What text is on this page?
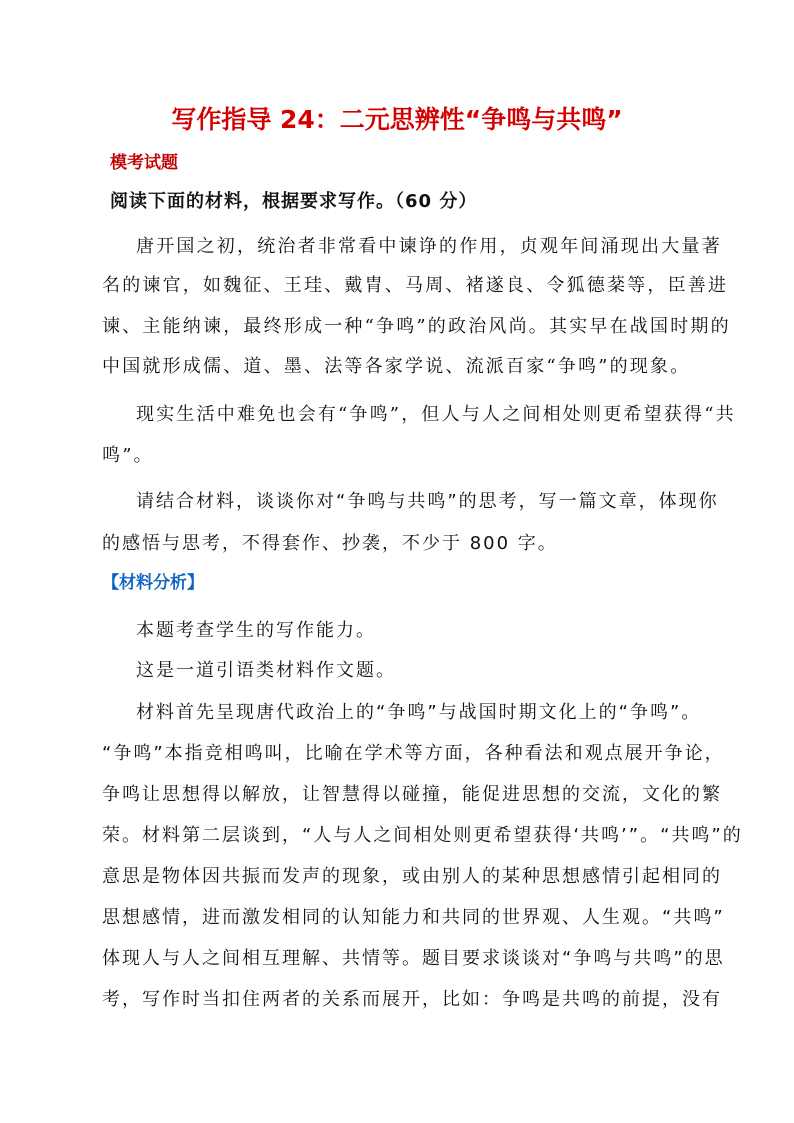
写作指导 24：二元思辨性“争鸣与共鸣”
模考试题
阅读下面的材料，根据要求写作。（60 分）
唐开国之初，统治者非常看中谏诤的作用，贞观年间涌现出大量著
名的谏官，如魏征、王珪、戴胄、马周、褚遂良、令狐德棻等，臣善进
谏、主能纳谏，最终形成一种“争鸣”的政治风尚。其实早在战国时期的
中国就形成儒、道、墨、法等各家学说、流派百家“争鸣”的现象。
现实生活中难免也会有“争鸣”，但人与人之间相处则更希望获得“共
鸣”。
请结合材料，谈谈你对“争鸣与共鸣”的思考，写一篇文章，体现你
的感悟与思考，不得套作、抄袭，不少于 800 字。
【材料分析】
本题考查学生的写作能力。
这是一道引语类材料作文题。
材料首先呈现唐代政治上的“争鸣”与战国时期文化上的“争鸣”。
“争鸣”本指竞相鸣叫，比喻在学术等方面，各种看法和观点展开争论，
争鸣让思想得以解放，让智慧得以碰撞，能促进思想的交流，文化的繁
荣。材料第二层谈到，“人与人之间相处则更希望获得‘共鸣’”。“共鸣”的
意思是物体因共振而发声的现象，或由别人的某种思想感情引起相同的
思想感情，进而激发相同的认知能力和共同的世界观、人生观。“共鸣”
体现人与人之间相互理解、共情等。题目要求谈谈对“争鸣与共鸣”的思
考，写作时当扣住两者的关系而展开，比如：争鸣是共鸣的前提，没有
